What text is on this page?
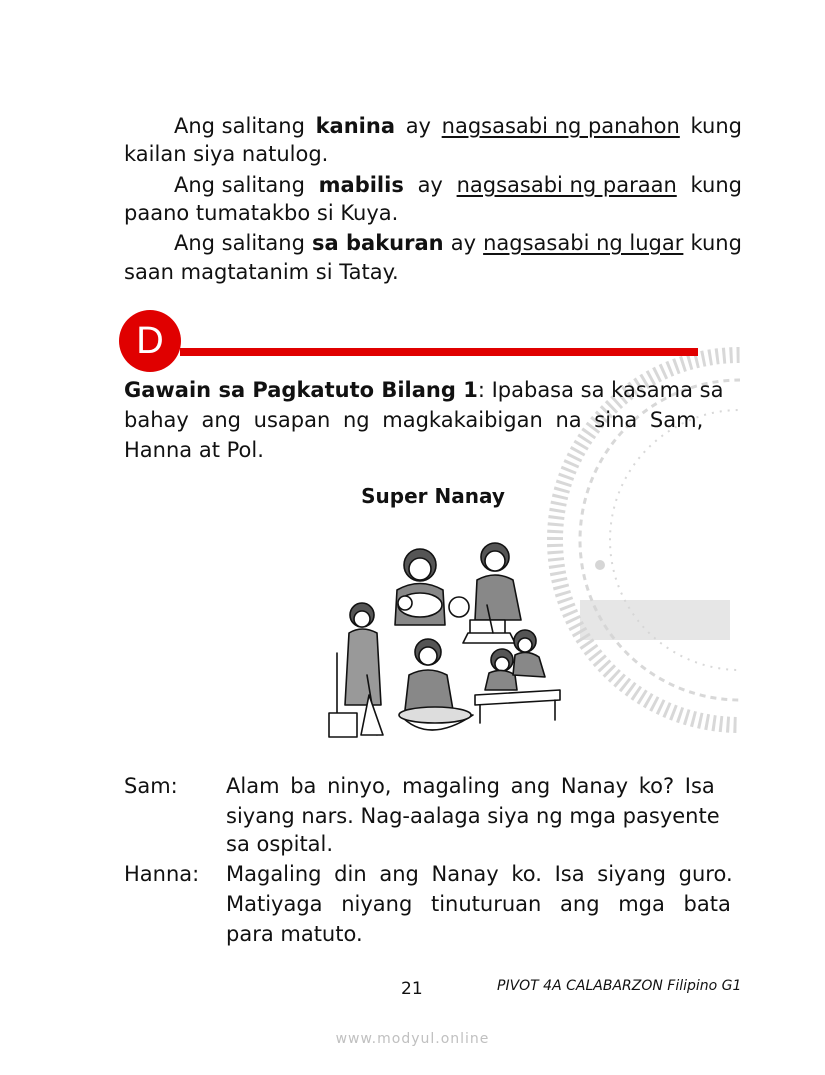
Ang salitang kanina ay nagsasabi ng panahon kung
kailan siya natulog.
Ang salitang mabilis ay nagsasabi ng paraan kung
paano tumatakbo si Kuya.
Ang salitang sa bakuran ay nagsasabi ng lugar kung
saan magtatanim si Tatay.
D
Gawain sa Pagkatuto Bilang 1: Ipabasa sa kasama sa
bahay ang usapan ng magkakaibigan na sina Sam,
Hanna at Pol.
Super Nanay
Sam: Alam ba ninyo, magaling ang Nanay ko? Isa
siyang nars. Nag-aalaga siya ng mga pasyente
sa ospital.
Hanna: Magaling din ang Nanay ko. Isa siyang guro.
Matiyaga niyang tinuturuan ang mga bata
para matuto.
21	PIVOT 4A CALABARZON Filipino G1
www.modyul.online
